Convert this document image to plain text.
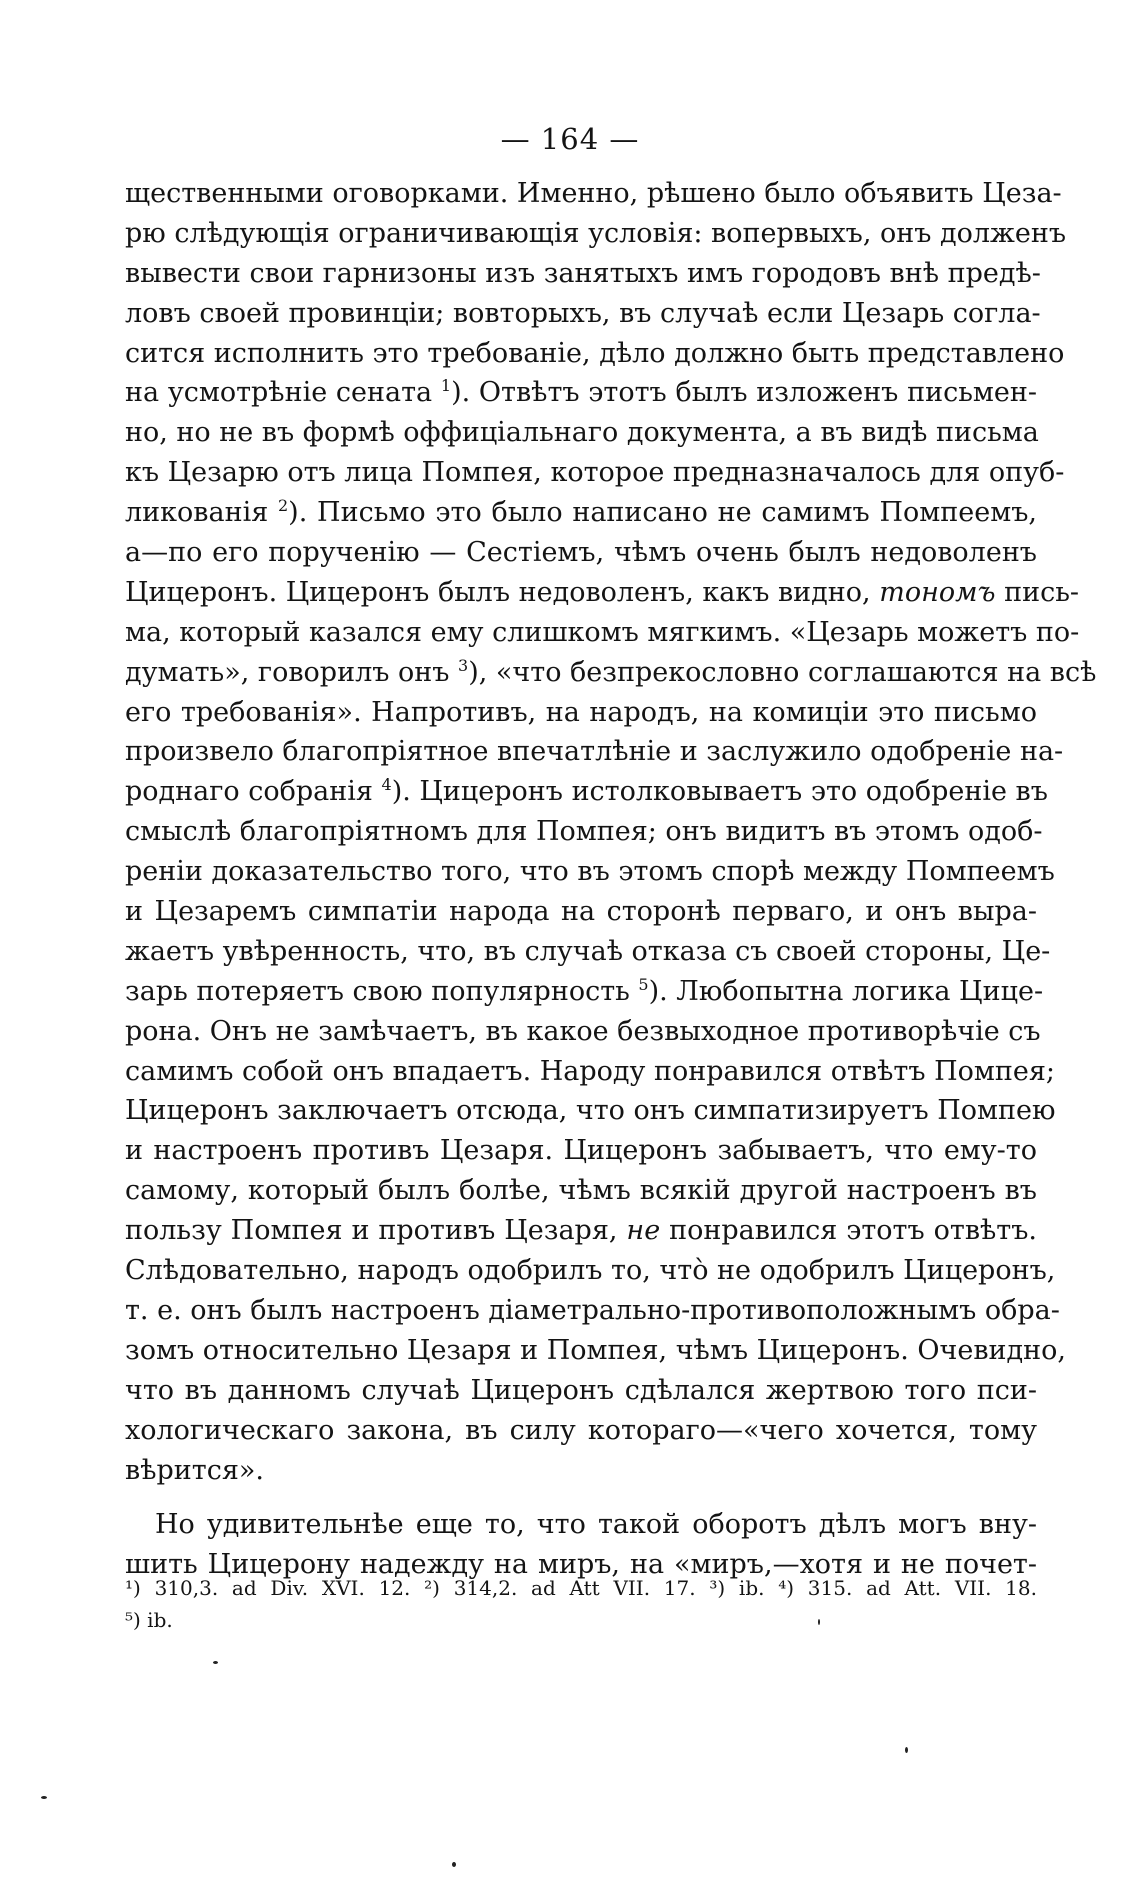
— 164 —
щественными оговорками. Именно, рѣшено было объявить Цеза-
рю слѣдующія ограничивающія условія: вопервыхъ, онъ долженъ
вывести свои гарнизоны изъ занятыхъ имъ городовъ внѣ предѣ-
ловъ своей провинціи; вовторыхъ, въ случаѣ если Цезарь согла-
сится исполнить это требованіе, дѣло должно быть представлено
на усмотрѣніе сената $^1$). Отвѣтъ этотъ былъ изложенъ письмен-
но, но не въ формѣ оффиціальнаго документа, а въ видѣ письма
къ Цезарю отъ лица Помпея, которое предназначалось для опуб-
ликованія $^2$). Письмо это было написано не самимъ Помпеемъ,
а—по его порученію — Сестіемъ, чѣмъ очень былъ недоволенъ
Цицеронъ. Цицеронъ былъ недоволенъ, какъ видно, тономъ пись-
ма, который казался ему слишкомъ мягкимъ. «Цезарь можетъ по-
думать», говорилъ онъ $^3$), «что безпрекословно соглашаются на всѣ
его требованія». Напротивъ, на народъ, на комиціи это письмо
произвело благопріятное впечатлѣніе и заслужило одобреніе на-
роднаго собранія $^4$). Цицеронъ истолковываетъ это одобреніе въ
смыслѣ благопріятномъ для Помпея; онъ видитъ въ этомъ одоб-
реніи доказательство того, что въ этомъ спорѣ между Помпеемъ
и Цезаремъ симпатіи народа на сторонѣ перваго, и онъ выра-
жаетъ увѣренность, что, въ случаѣ отказа съ своей стороны, Це-
зарь потеряетъ свою популярность $^5$). Любопытна логика Цице-
рона. Онъ не замѣчаетъ, въ какое безвыходное противорѣчіе съ
самимъ собой онъ впадаетъ. Народу понравился отвѣтъ Помпея;
Цицеронъ заключаетъ отсюда, что онъ симпатизируетъ Помпею
и настроенъ противъ Цезаря. Цицеронъ забываетъ, что ему-то
самому, который былъ болѣе, чѣмъ всякій другой настроенъ въ
пользу Помпея и противъ Цезаря, не понравился этотъ отвѣтъ.
Слѣдовательно, народъ одобрилъ то, что̀ не одобрилъ Цицеронъ,
т. е. онъ былъ настроенъ діаметрально-противоположнымъ обра-
зомъ относительно Цезаря и Помпея, чѣмъ Цицеронъ. Очевидно,
что въ данномъ случаѣ Цицеронъ сдѣлался жертвою того пси-
хологическаго закона, въ силу котораго—«чего хочется, тому
вѣрится».
Но удивительнѣе еще то, что такой оборотъ дѣлъ могъ вну-
шить Цицерону надежду на миръ, на «миръ,—хотя и не почет-
¹) 310,3. ad Div. XVI. 12. ²) 314,2. ad Att VII. 17. ³) ib. ⁴) 315. ad Att. VII. 18.
⁵) ib.
